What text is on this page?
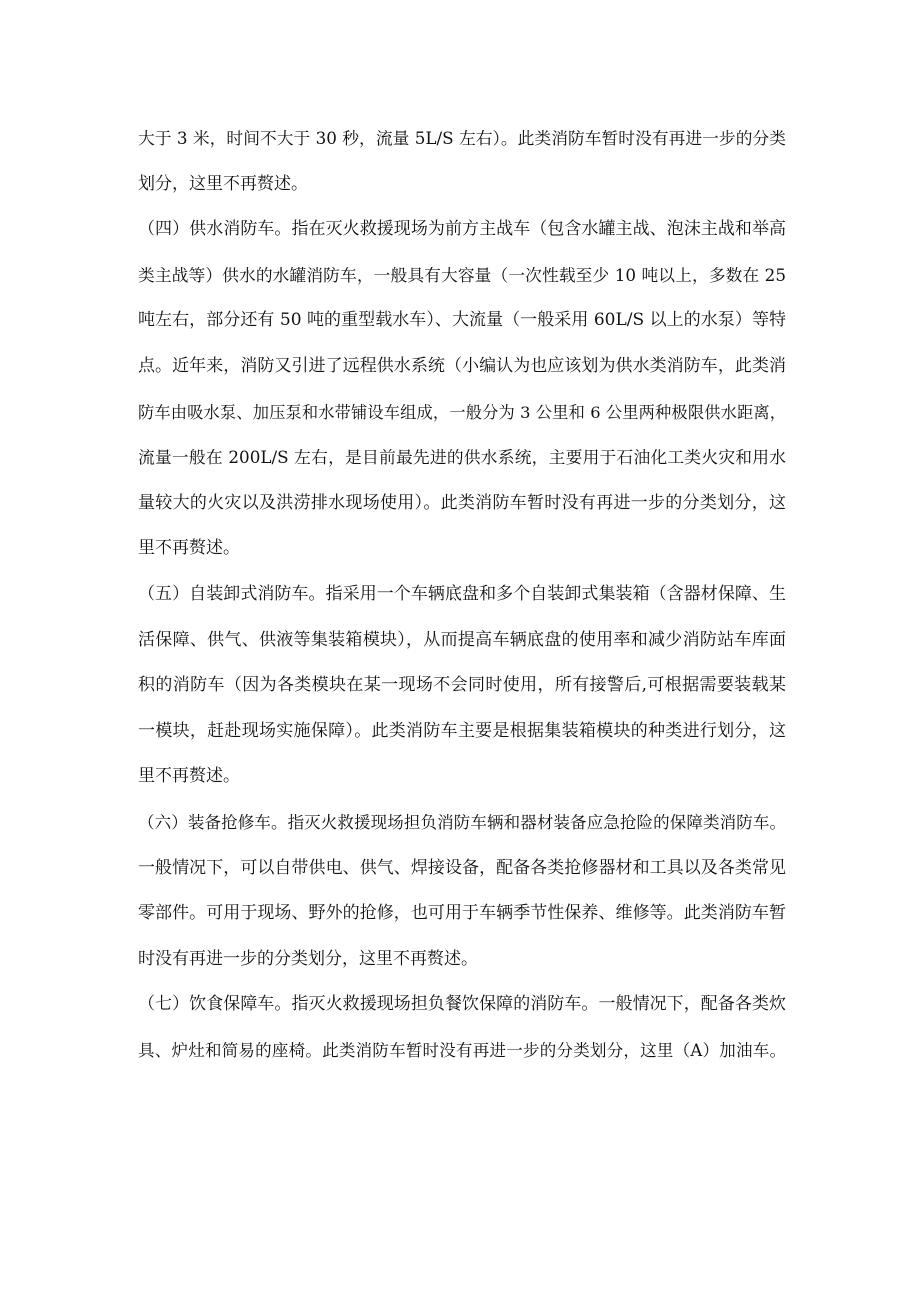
大于 3 米，时间不大于 30 秒，流量 5L/S 左右）。此类消防车暂时没有再进一步的分类
划分，这里不再赘述。
（四）供水消防车。指在灭火救援现场为前方主战车（包含水罐主战、泡沫主战和举高
类主战等）供水的水罐消防车，一般具有大容量（一次性载至少 10 吨以上，多数在 25
吨左右，部分还有 50 吨的重型载水车）、大流量（一般采用 60L/S 以上的水泵）等特
点。近年来，消防又引进了远程供水系统（小编认为也应该划为供水类消防车，此类消
防车由吸水泵、加压泵和水带铺设车组成，一般分为 3 公里和 6 公里两种极限供水距离，
流量一般在 200L/S 左右，是目前最先进的供水系统，主要用于石油化工类火灾和用水
量较大的火灾以及洪涝排水现场使用）。此类消防车暂时没有再进一步的分类划分，这
里不再赘述。
（五）自装卸式消防车。指采用一个车辆底盘和多个自装卸式集装箱（含器材保障、生
活保障、供气、供液等集装箱模块），从而提高车辆底盘的使用率和减少消防站车库面
积的消防车（因为各类模块在某一现场不会同时使用，所有接警后,可根据需要装载某
一模块，赶赴现场实施保障）。此类消防车主要是根据集装箱模块的种类进行划分，这
里不再赘述。
（六）装备抢修车。指灭火救援现场担负消防车辆和器材装备应急抢险的保障类消防车。
一般情况下，可以自带供电、供气、焊接设备，配备各类抢修器材和工具以及各类常见
零部件。可用于现场、野外的抢修，也可用于车辆季节性保养、维修等。此类消防车暂
时没有再进一步的分类划分，这里不再赘述。
（七）饮食保障车。指灭火救援现场担负餐饮保障的消防车。一般情况下，配备各类炊
具、炉灶和简易的座椅。此类消防车暂时没有再进一步的分类划分，这里（A）加油车。
